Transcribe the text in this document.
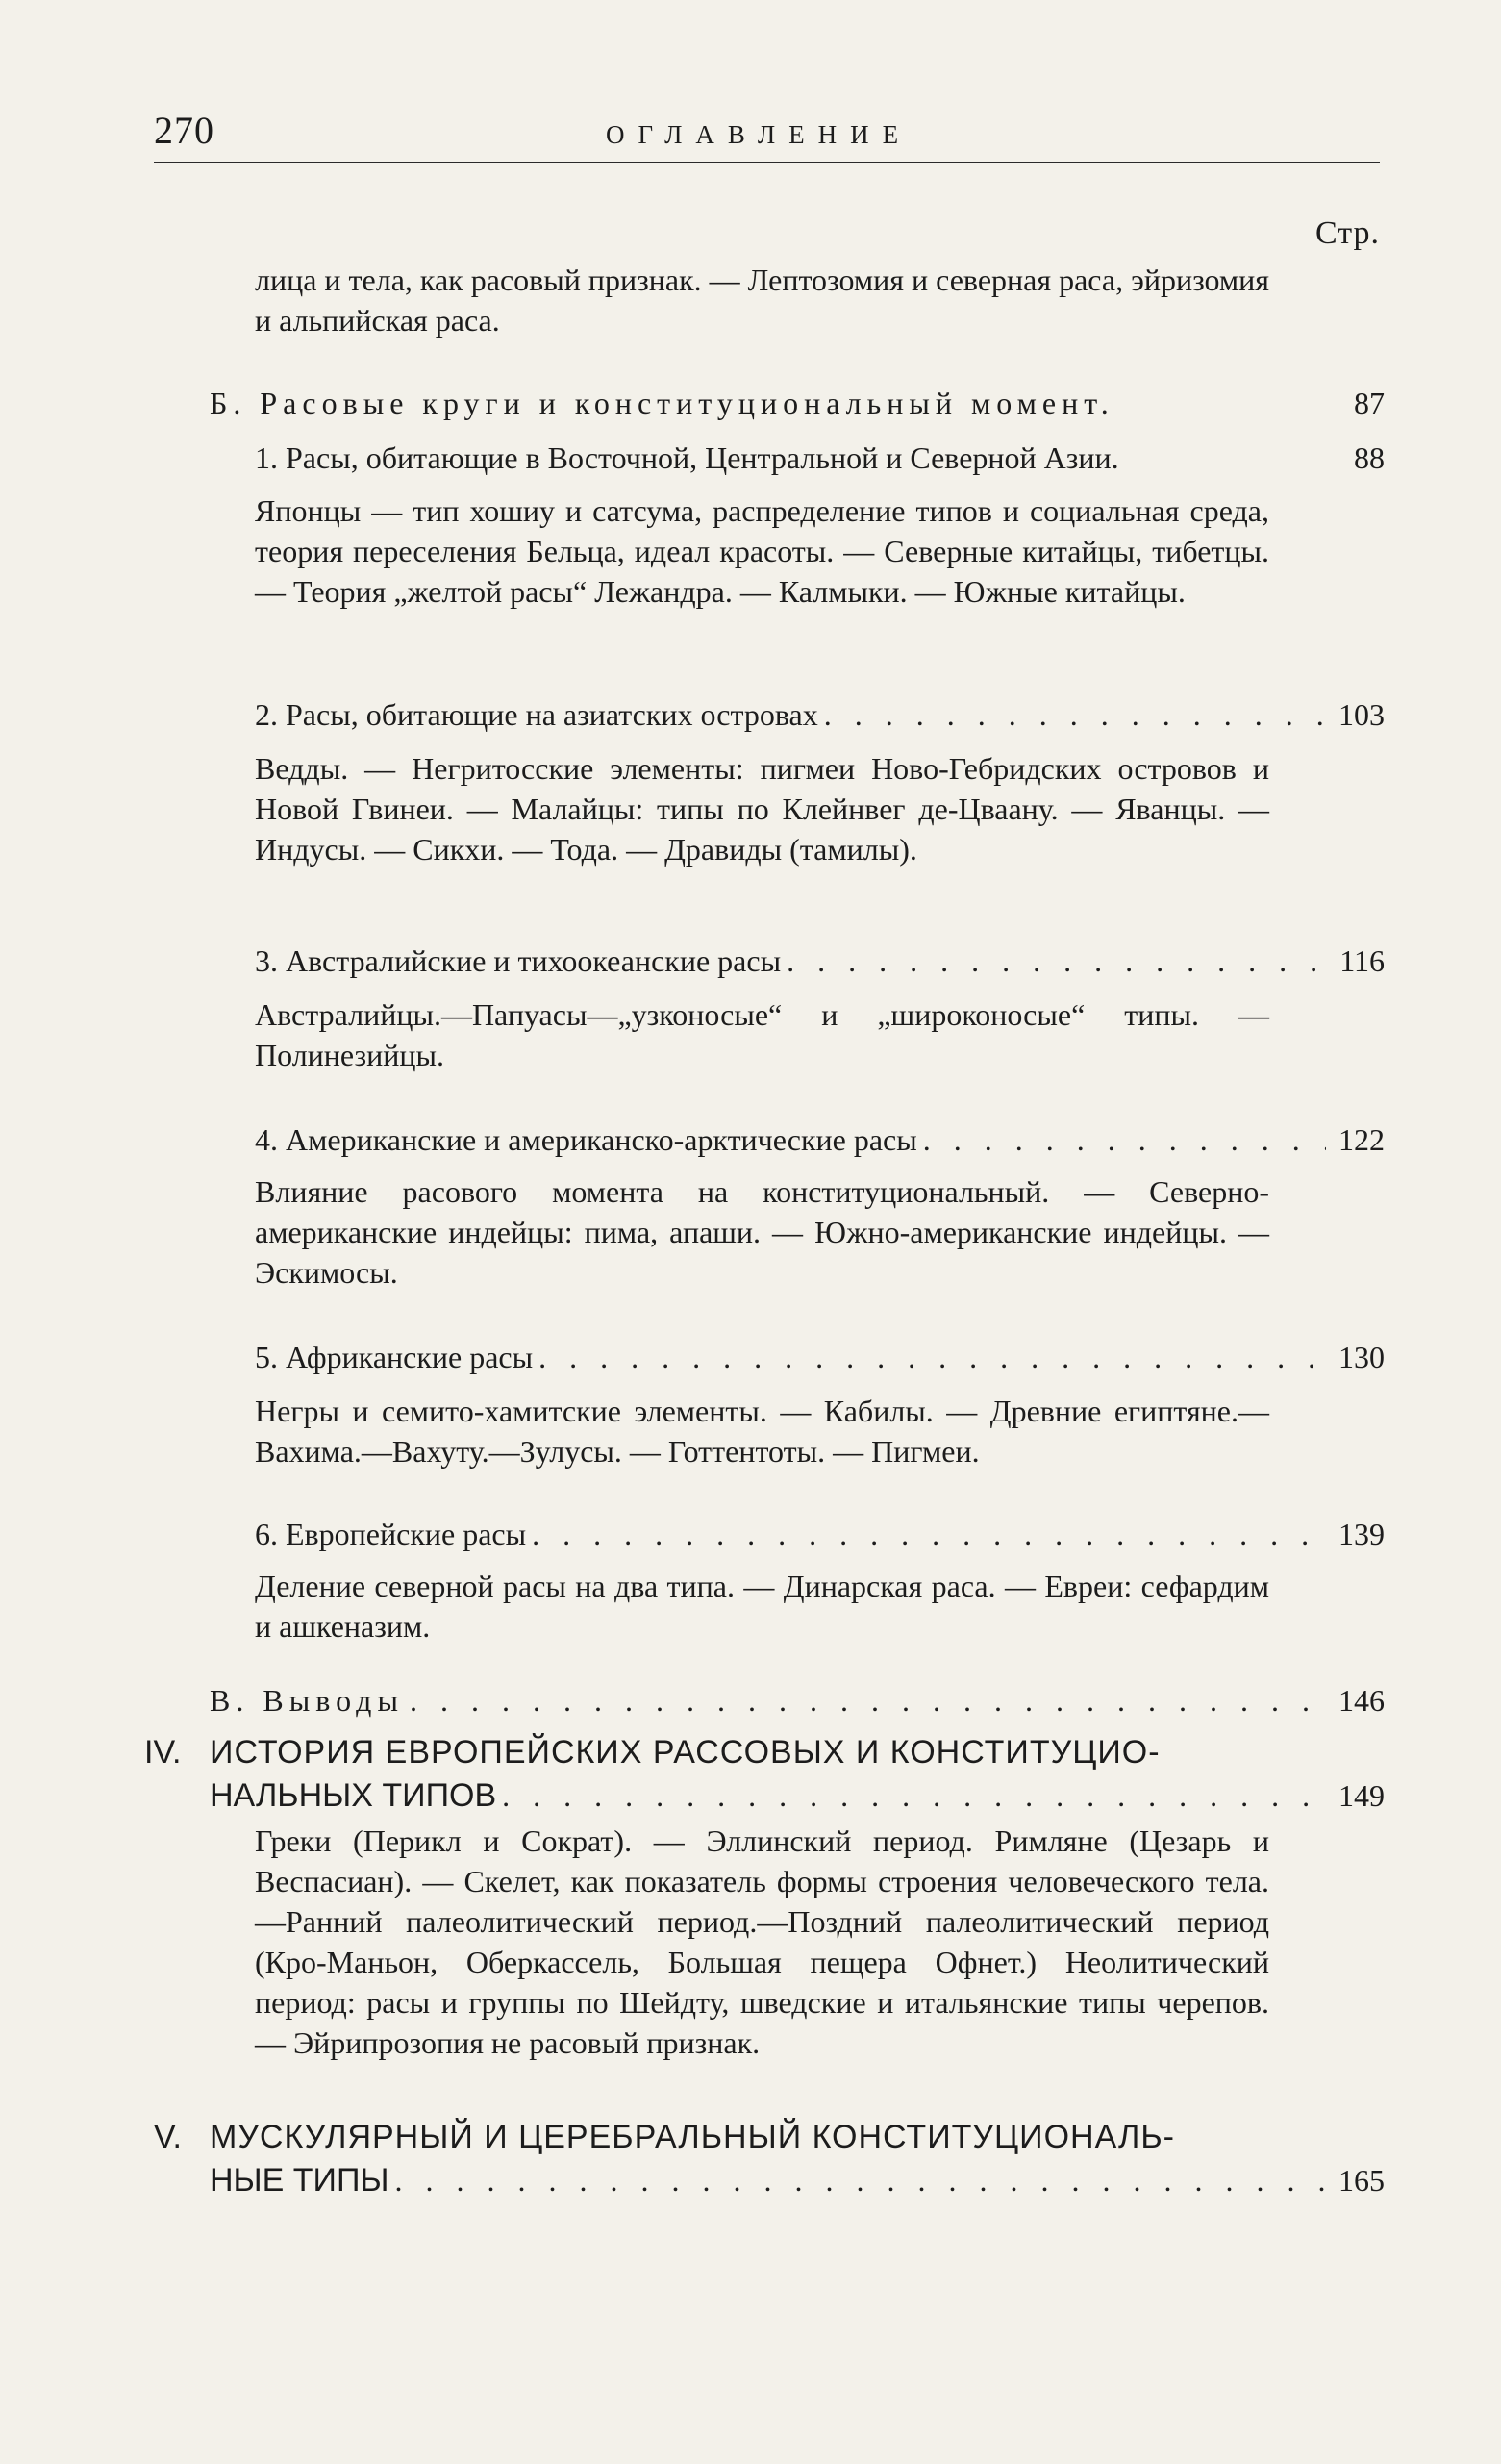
270	ОГЛАВЛЕНИЕ
Стр.
лица и тела, как расовый признак. — Лептозомия и северная раса, эйризомия и альпийская раса.
Б. Расовые круги и конституциональный момент.	87
1. Расы, обитающие в Восточной, Центральной и Северной Азии.	88
Японцы — тип хошиу и сатсума, распределение типов и социальная среда, теория переселения Бельца, идеал красоты. — Северные китайцы, тибетцы. — Теория „желтой расы“ Лежандра. — Калмыки. — Южные китайцы.
2. Расы, обитающие на азиатских островах . . .	103
Ведды. — Негритосские элементы: пигмеи Ново-Гебридских островов и Новой Гвинеи. — Малайцы: типы по Клейнвег де-Цваану. — Яванцы. — Индусы. — Сикхи. — Тода. — Дравиды (тамилы).
3. Австралийские и тихоокеанские расы . . .	116
Австралийцы.—Папуасы—„узконосые“ и „широконосые“ типы. — Полинезийцы.
4. Американские и американско-арктические расы . . .	122
Влияние расового момента на конституциональный. — Северно-американские индейцы: пима, апаши. — Южно-американские индейцы. — Эскимосы.
5. Африканские расы . . .	130
Негры и семито-хамитские элементы. — Кабилы. — Древние египтяне.—Вахима.—Вахуту.—Зулусы. — Готтентоты. — Пигмеи.
6. Европейские расы . . .	139
Деление северной расы на два типа. — Динарская раса. — Евреи: сефардим и ашкеназим.
В. Выводы . . .	146
IV. ИСТОРИЯ ЕВРОПЕЙСКИХ РАССОВЫХ И КОНСТИТУЦИО-
НАЛЬНЫХ ТИПОВ . . .	149
Греки (Перикл и Сократ). — Эллинский период. Римляне (Цезарь и Веспасиан). — Скелет, как показатель формы строения человеческого тела.—Ранний палеолитический период.—Поздний палеолитический период (Кро-Маньон, Оберкассель, Большая пещера Офнет.) Неолитический период: расы и группы по Шейдту, шведские и итальянские типы черепов. — Эйрипрозопия не расовый признак.
V. МУСКУЛЯРНЫЙ И ЦЕРЕБРАЛЬНЫЙ КОНСТИТУЦИОНАЛЬ-
НЫЕ ТИПЫ . . .	165
